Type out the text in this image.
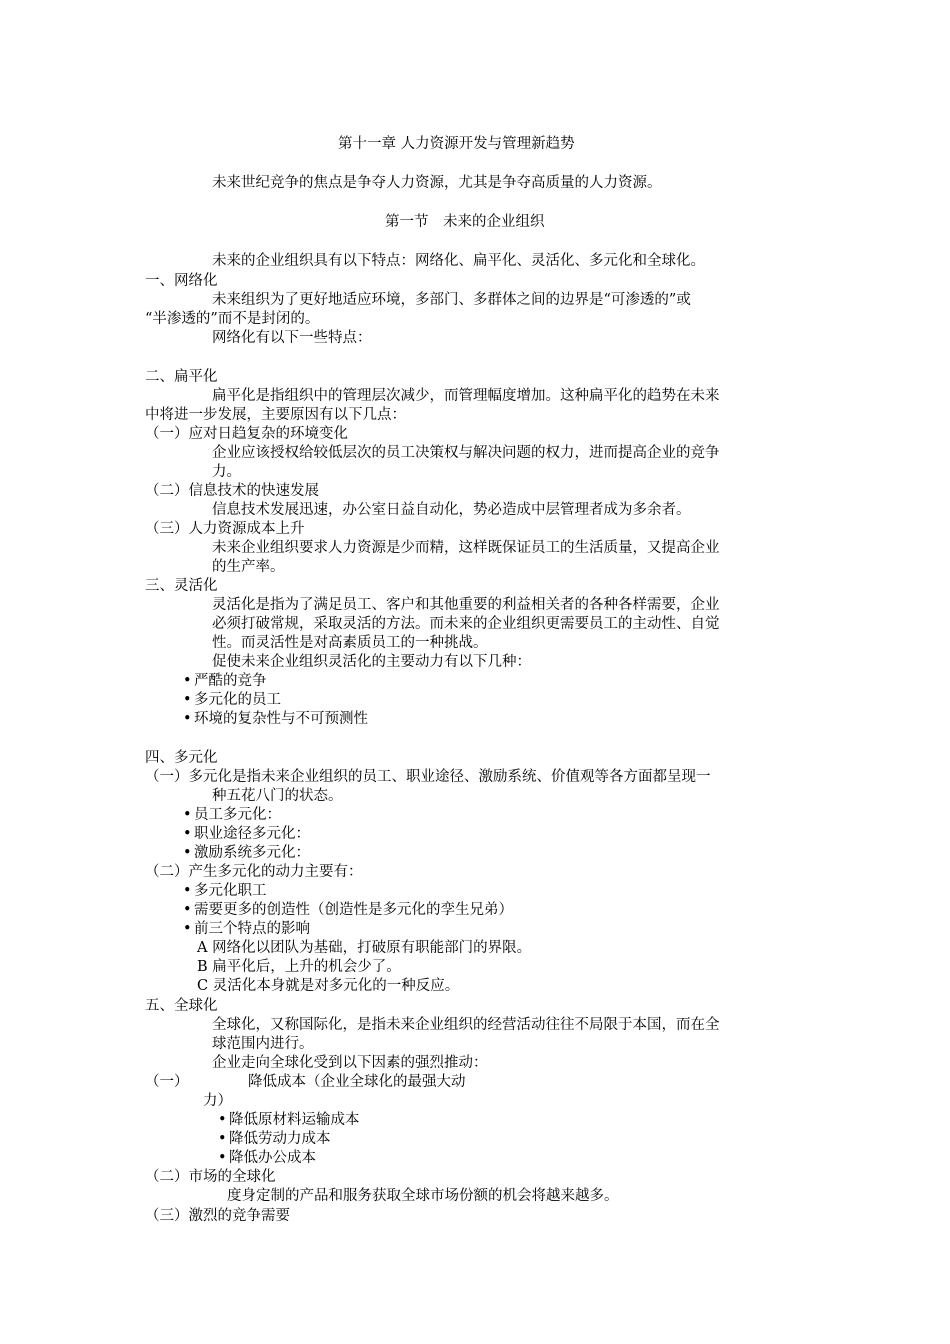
第十一章 人力资源开发与管理新趋势
未来世纪竞争的焦点是争夺人力资源，尤其是争夺高质量的人力资源。
第一节　未来的企业组织
未来的企业组织具有以下特点：网络化、扁平化、灵活化、多元化和全球化。
一、网络化
未来组织为了更好地适应环境，多部门、多群体之间的边界是“可渗透的”或
“半渗透的”而不是封闭的。
网络化有以下一些特点：
二、扁平化
扁平化是指组织中的管理层次减少，而管理幅度增加。这种扁平化的趋势在未来
中将进一步发展，主要原因有以下几点：
（一）应对日趋复杂的环境变化
企业应该授权给较低层次的员工决策权与解决问题的权力，进而提高企业的竞争
力。
（二）信息技术的快速发展
信息技术发展迅速，办公室日益自动化，势必造成中层管理者成为多余者。
（三）人力资源成本上升
未来企业组织要求人力资源是少而精，这样既保证员工的生活质量，又提高企业
的生产率。
三、灵活化
灵活化是指为了满足员工、客户和其他重要的利益相关者的各种各样需要，企业
必须打破常规，采取灵活的方法。而未来的企业组织更需要员工的主动性、自觉
性。而灵活性是对高素质员工的一种挑战。
促使未来企业组织灵活化的主要动力有以下几种：
• 严酷的竞争
• 多元化的员工
• 环境的复杂性与不可预测性
四、多元化
（一）多元化是指未来企业组织的员工、职业途径、激励系统、价值观等各方面都呈现一
种五花八门的状态。
• 员工多元化：
• 职业途径多元化：
• 激励系统多元化：
（二）产生多元化的动力主要有：
• 多元化职工
• 需要更多的创造性（创造性是多元化的孪生兄弟）
• 前三个特点的影响
A 网络化以团队为基础，打破原有职能部门的界限。
B 扁平化后，上升的机会少了。
C 灵活化本身就是对多元化的一种反应。
五、全球化
全球化，又称国际化，是指未来企业组织的经营活动往往不局限于本国，而在全
球范围内进行。
企业走向全球化受到以下因素的强烈推动：
（一）	降低成本（企业全球化的最强大动
力）
• 降低原材料运输成本
• 降低劳动力成本
• 降低办公成本
（二）市场的全球化
度身定制的产品和服务获取全球市场份额的机会将越来越多。
（三）激烈的竞争需要
